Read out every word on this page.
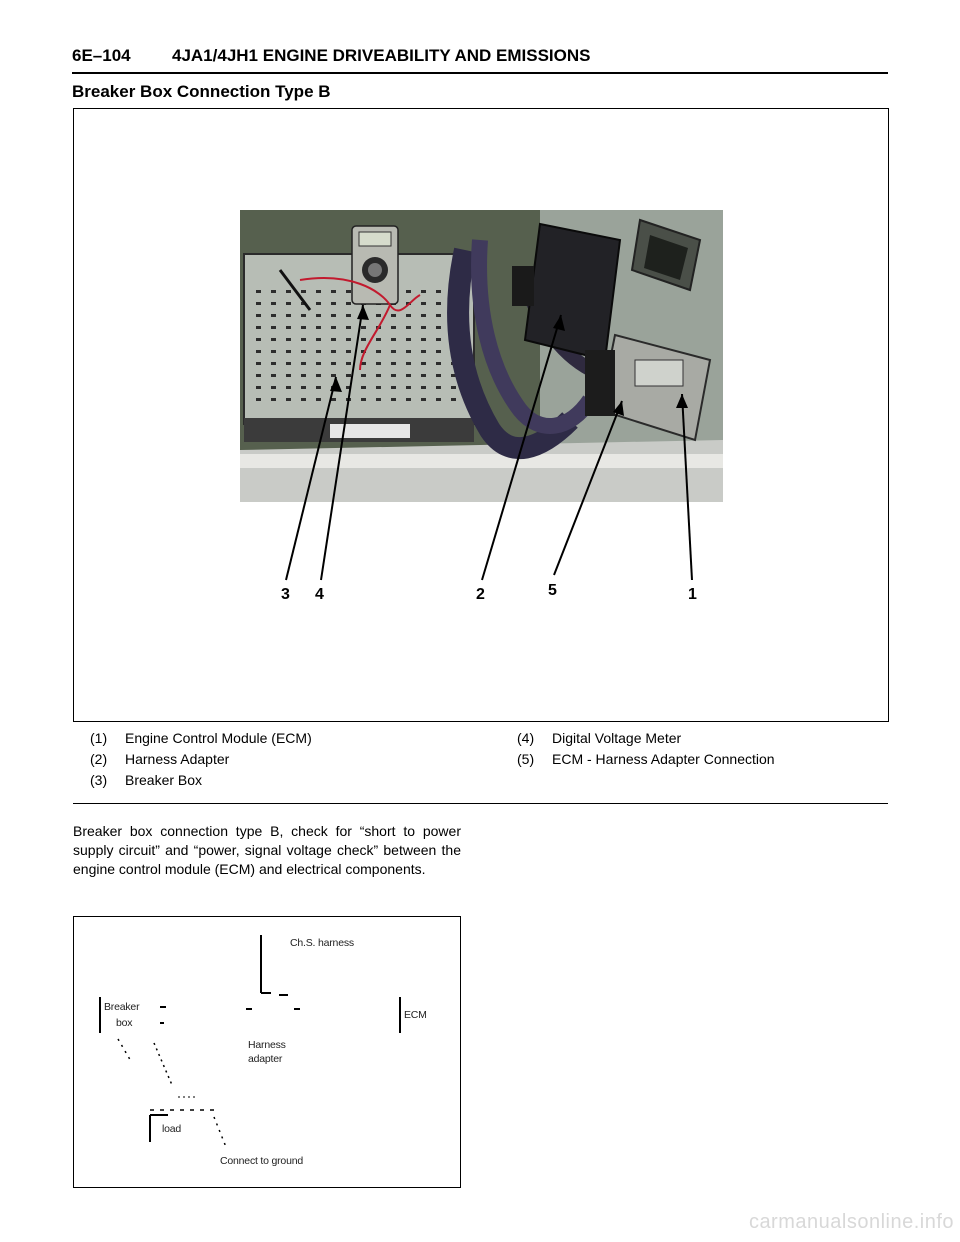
6E–104 4JA1/4JH1 ENGINE DRIVEABILITY AND EMISSIONS
Breaker Box Connection Type B
3 4	2	5	1
(1) Engine Control Module (ECM)
(2) Harness Adapter
(3) Breaker Box
(4) Digital Voltage Meter
(5) ECM - Harness Adapter Connection

Breaker box connection type B, check for “short to power supply circuit” and “power, signal voltage check” between the engine control module (ECM) and electrical components.

Ch.S. harness
Breaker
box
ECM
Harness
adapter
load
Connect to ground
carmanualsonline.info
